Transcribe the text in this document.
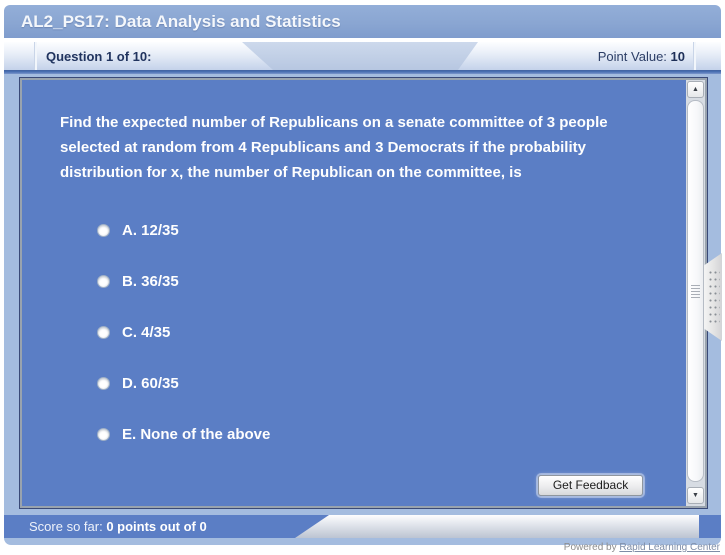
AL2_PS17: Data Analysis and Statistics
Question 1 of 10:	Point Value: 10
Find the expected number of Republicans on a senate committee of 3 people selected at random from 4 Republicans and 3 Democrats if the probability distribution for x, the number of Republican on the committee, is
A. 12/35
B. 36/35
C. 4/35
D. 60/35
E. None of the above
Get Feedback
▲
▼
Score so far: 0 points out of 0
Powered by Rapid Learning Center
